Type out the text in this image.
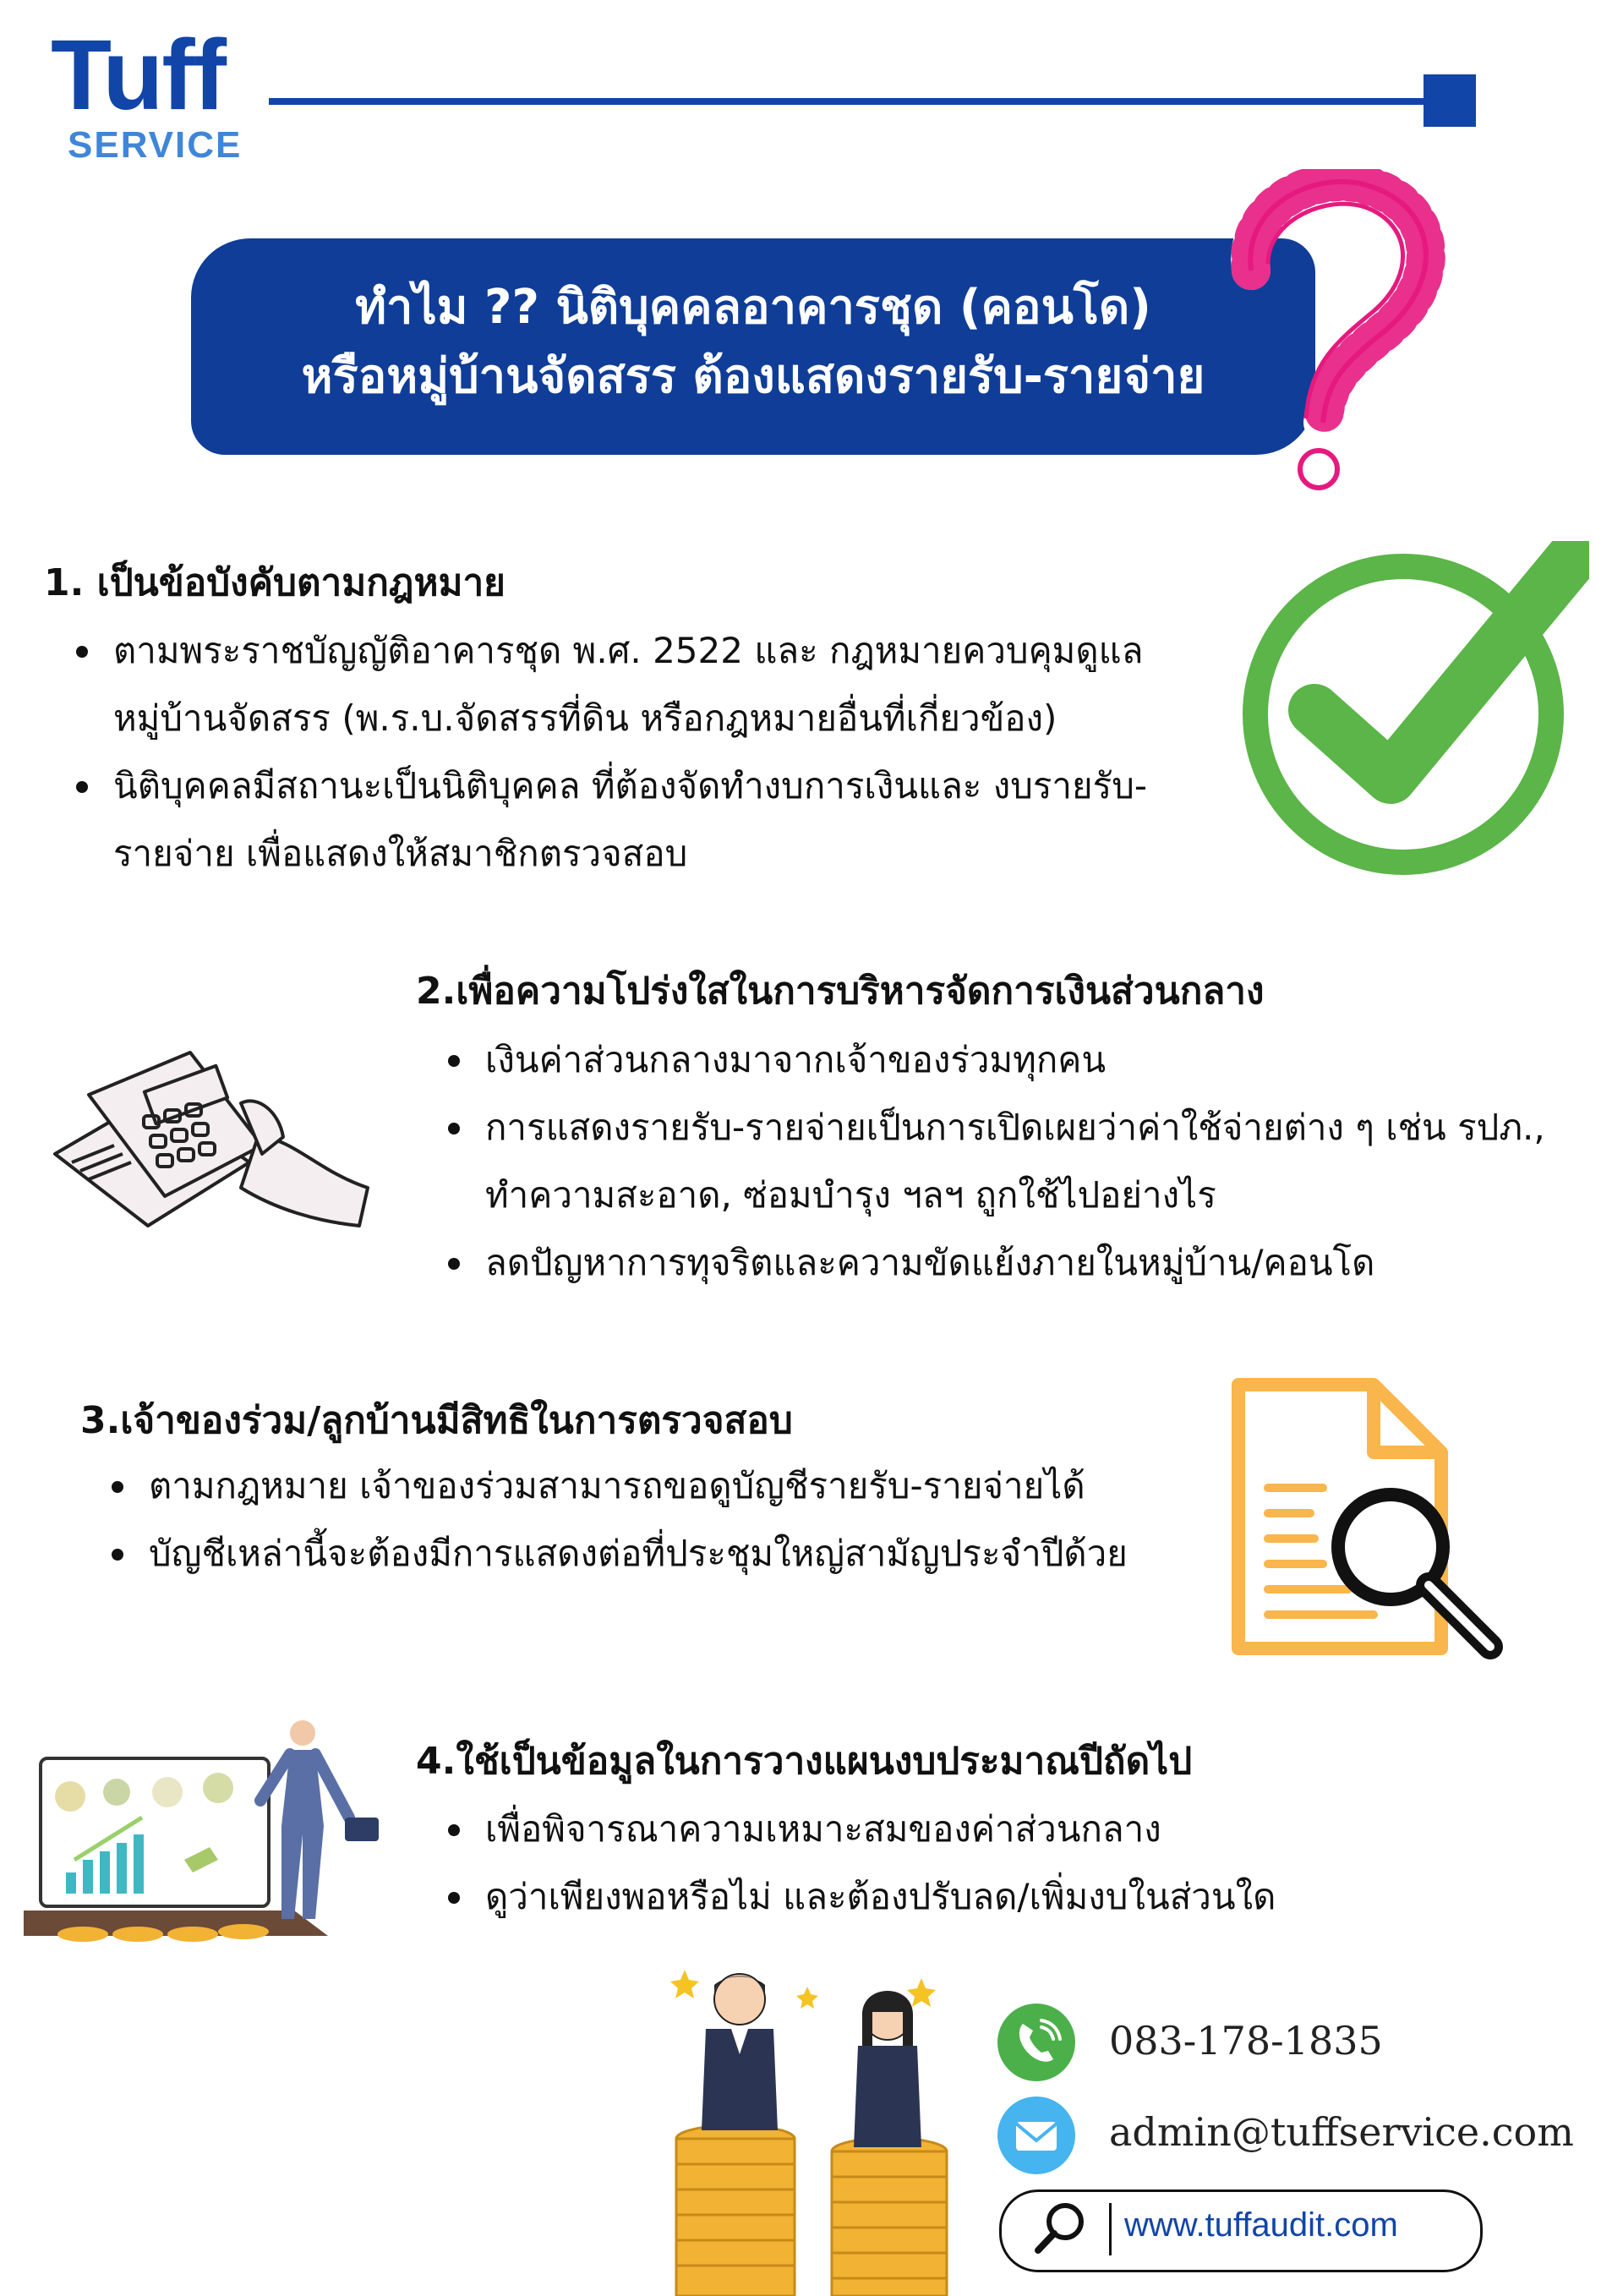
Tuff
SERVICE
ทำไม ?? นิติบุคคลอาคารชุด (คอนโด)
หรือหมู่บ้านจัดสรร ต้องแสดงรายรับ-รายจ่าย
1. เป็นข้อบังคับตามกฎหมาย
ตามพระราชบัญญัติอาคารชุด พ.ศ. 2522 และ กฎหมายควบคุมดูแล
หมู่บ้านจัดสรร (พ.ร.บ.จัดสรรที่ดิน หรือกฎหมายอื่นที่เกี่ยวข้อง)
นิติบุคคลมีสถานะเป็นนิติบุคคล ที่ต้องจัดทำงบการเงินและ งบรายรับ-
รายจ่าย เพื่อแสดงให้สมาชิกตรวจสอบ
2.เพื่อความโปร่งใสในการบริหารจัดการเงินส่วนกลาง
เงินค่าส่วนกลางมาจากเจ้าของร่วมทุกคน
การแสดงรายรับ-รายจ่ายเป็นการเปิดเผยว่าค่าใช้จ่ายต่าง ๆ เช่น รปภ.,
ทำความสะอาด, ซ่อมบำรุง ฯลฯ ถูกใช้ไปอย่างไร
ลดปัญหาการทุจริตและความขัดแย้งภายในหมู่บ้าน/คอนโด
3.เจ้าของร่วม/ลูกบ้านมีสิทธิในการตรวจสอบ
ตามกฎหมาย เจ้าของร่วมสามารถขอดูบัญชีรายรับ-รายจ่ายได้
บัญชีเหล่านี้จะต้องมีการแสดงต่อที่ประชุมใหญ่สามัญประจำปีด้วย
4.ใช้เป็นข้อมูลในการวางแผนงบประมาณปีถัดไป
เพื่อพิจารณาความเหมาะสมของค่าส่วนกลาง
ดูว่าเพียงพอหรือไม่ และต้องปรับลด/เพิ่มงบในส่วนใด
083-178-1835
admin@tuffservice.com
www.tuffaudit.com
